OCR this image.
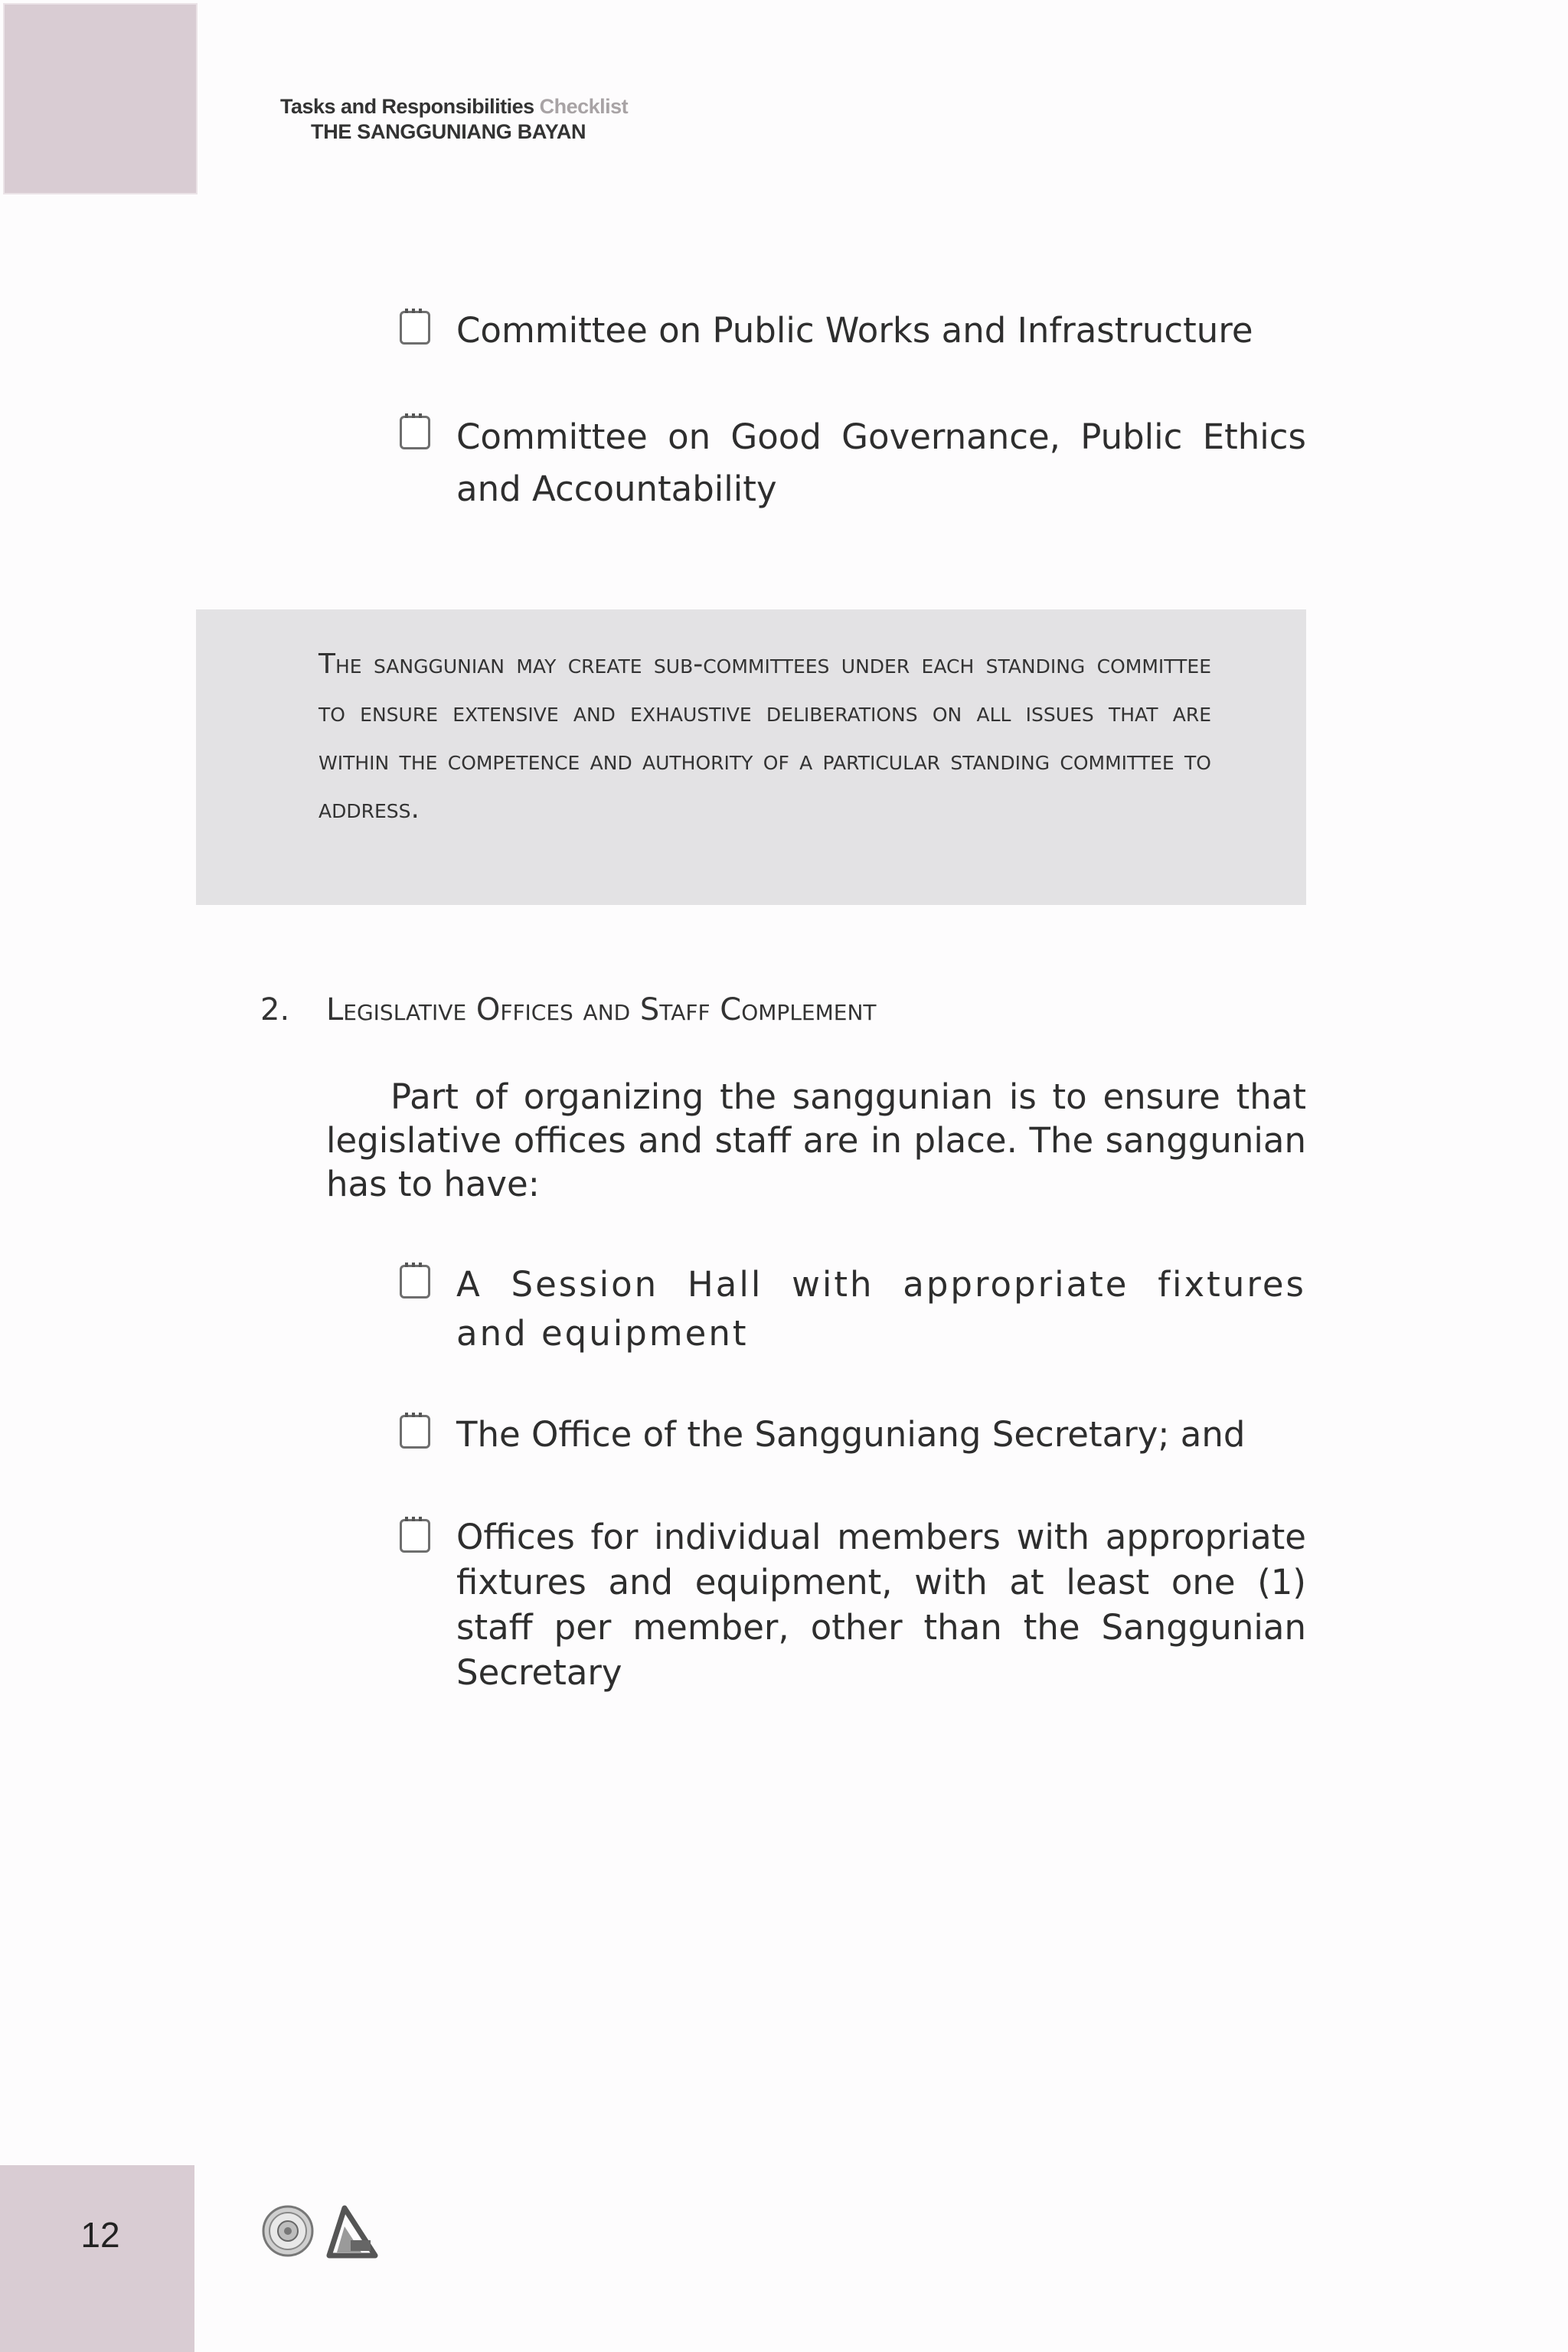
Tasks and Responsibilities Checklist
THE SANGGUNIANG BAYAN
Committee on Public Works and Infrastructure
Committee on Good Governance, Public Ethics and Accountability
The sanggunian may create sub-committees under each standing committee to ensure extensive and exhaustive deliberations on all issues that are within the competence and authority of a particular standing committee to address.
2. Legislative Offices and Staff Complement
Part of organizing the sanggunian is to ensure that legislative offices and staff are in place. The sanggunian has to have:
A Session Hall with appropriate fixtures and equipment
The Office of the Sangguniang Secretary; and
Offices for individual members with appropriate fixtures and equipment, with at least one (1) staff per member, other than the Sanggunian Secretary
12
